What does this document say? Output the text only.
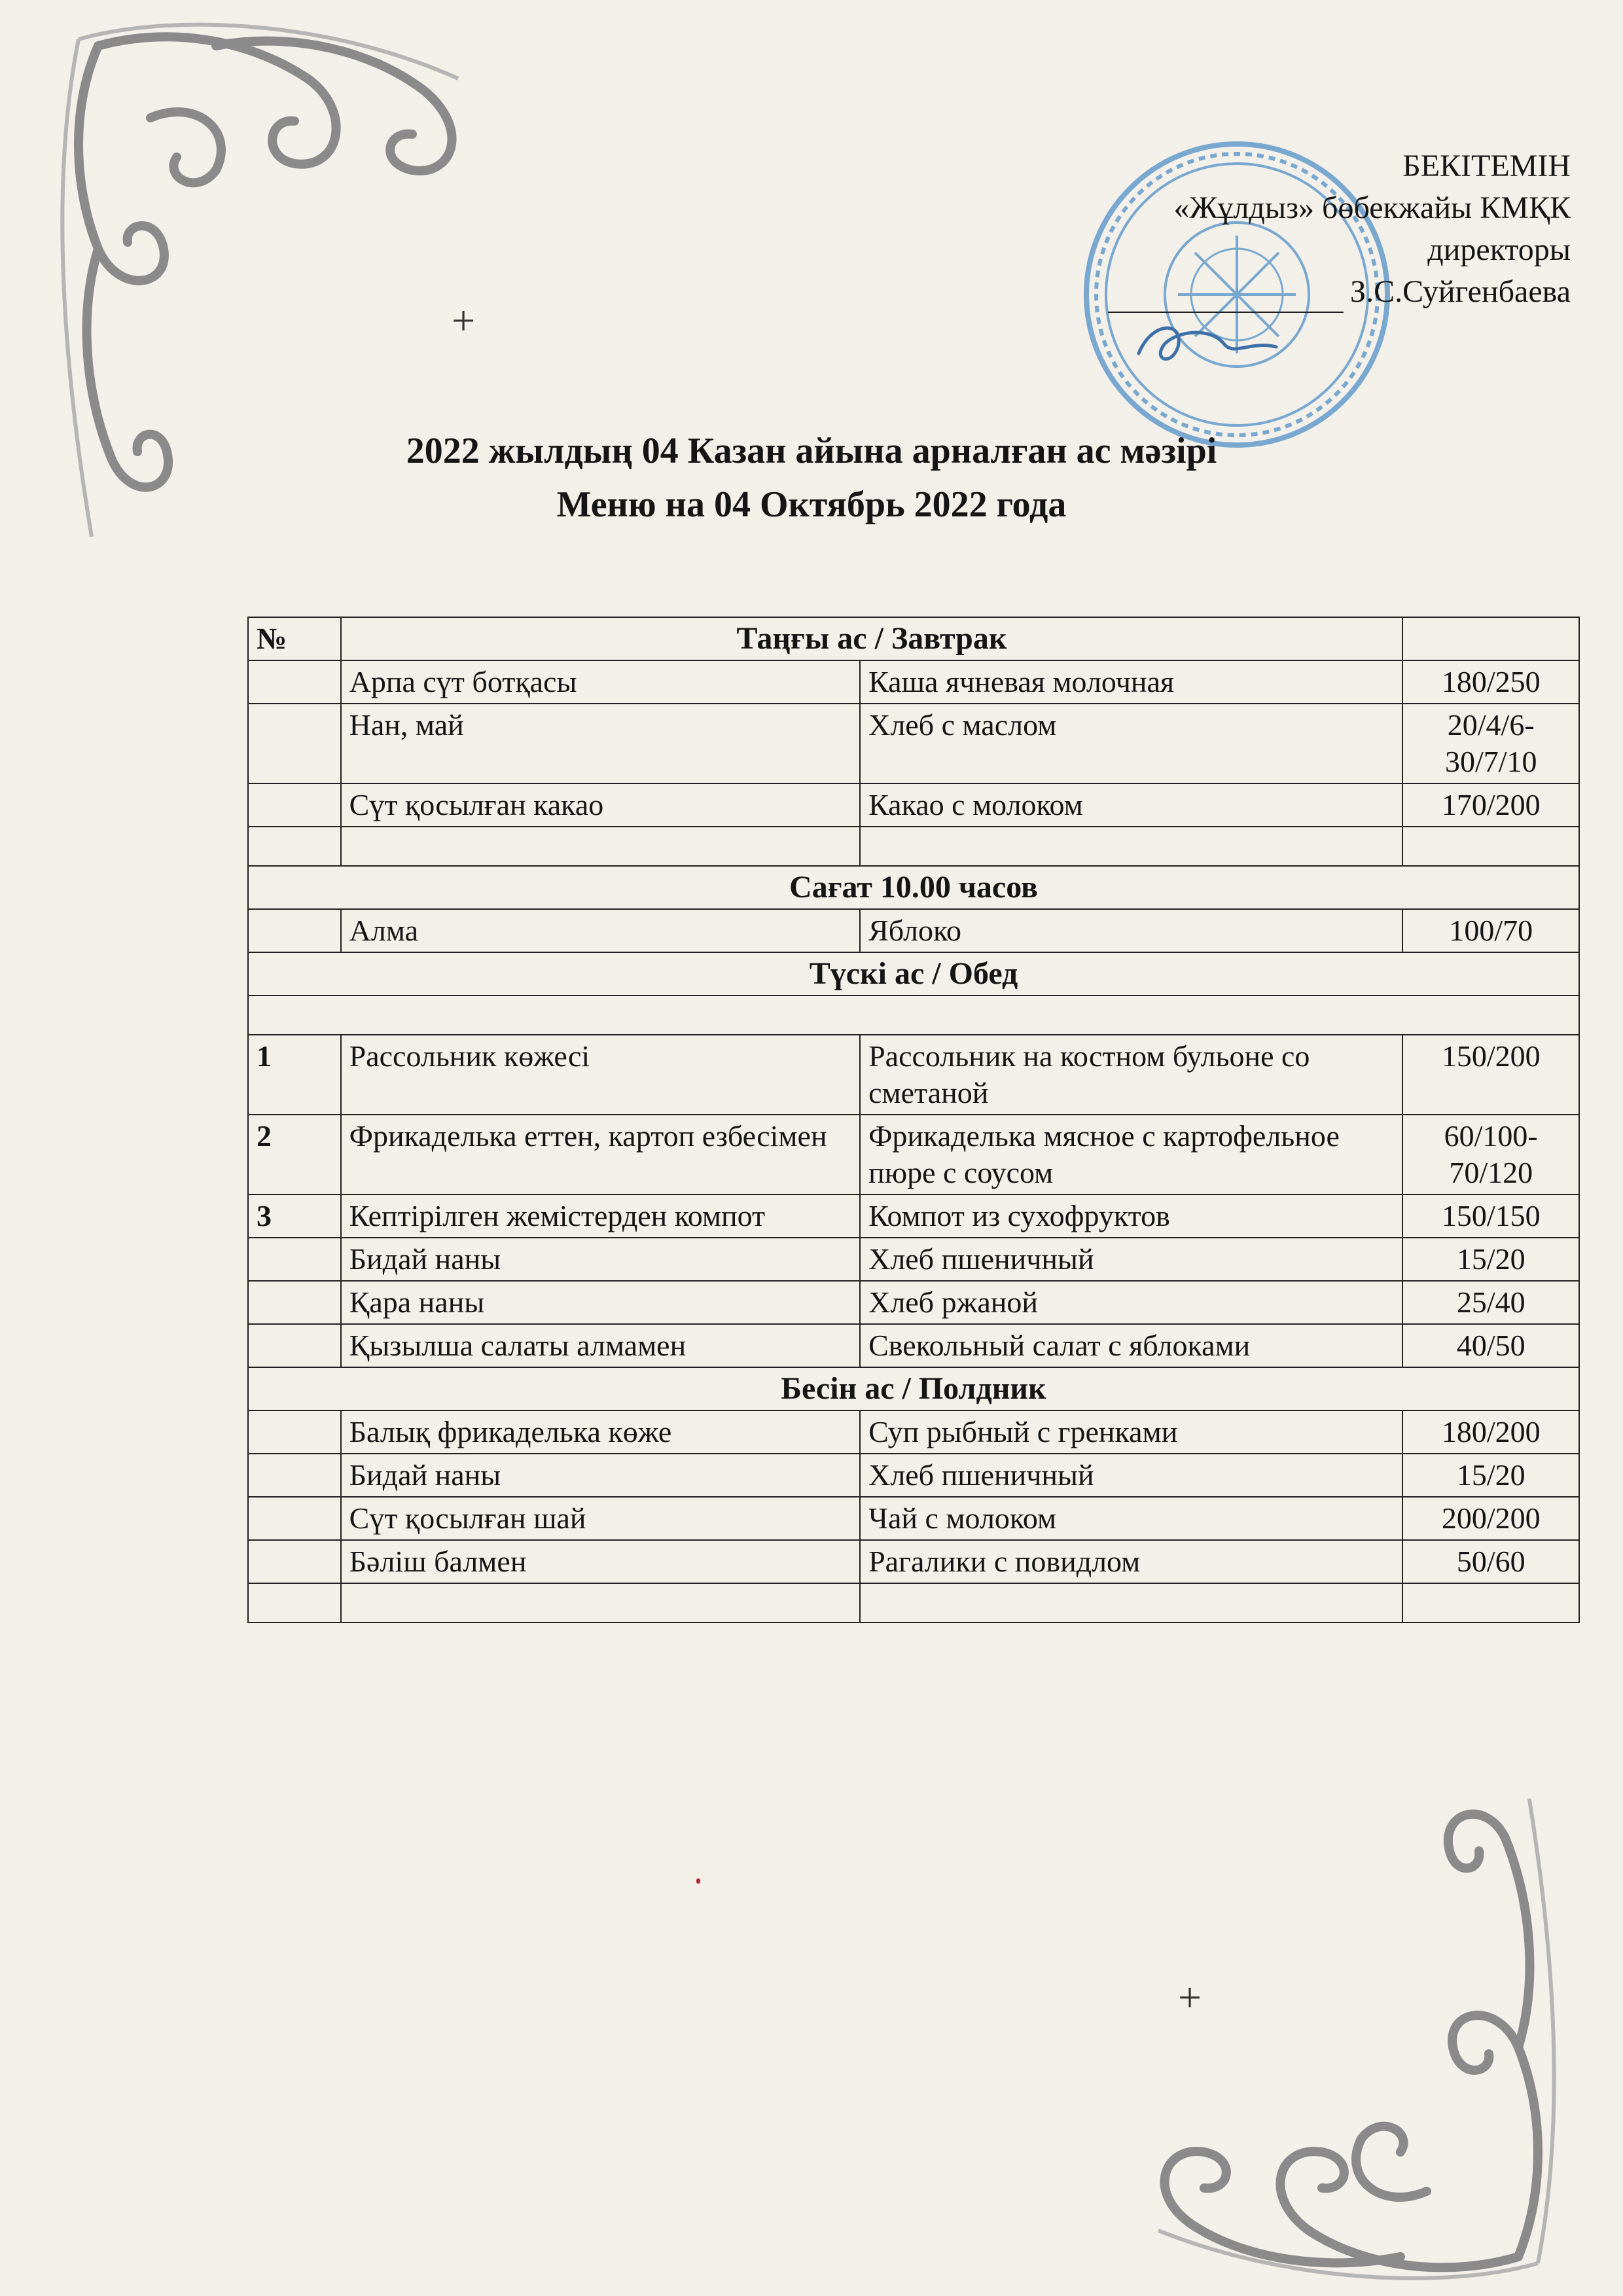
+
+
БЕКІТЕМІН
«Жұлдыз» бөбекжайы КМҚК
директоры
З.С.Суйгенбаева
2022 жылдың 04 Казан айына арналған ас мәзірі
Меню на 04 Октябрь 2022 года
№	Таңғы ас / Завтрак		
	Арпа сүт ботқасы	Каша ячневая молочная	180/250
	Нан, май	Хлеб с маслом	20/4/6-30/7/10
	Сүт қосылған какао	Какао с молоком	170/200

Сағат 10.00 часов			
	Алма	Яблоко	100/70
Түскі ас / Обед			

1	Рассольник көжесі	Рассольник на костном бульоне со сметаной	150/200
2	Фрикаделька еттен, картоп езбесімен	Фрикаделька мясное с картофельное пюре с соусом	60/100-70/120
3	Кептірілген жемістерден компот	Компот из сухофруктов	150/150
	Бидай наны	Хлеб пшеничный	15/20
	Қара наны	Хлеб ржаной	25/40
	Қызылша салаты алмамен	Свекольный салат с яблоками	40/50
Бесін ас / Полдник			
	Балық фрикаделька көже	Суп рыбный с гренками	180/200
	Бидай наны	Хлеб пшеничный	15/20
	Сүт қосылған шай	Чай с молоком	200/200
	Бәліш балмен	Рагалики с повидлом	50/60
